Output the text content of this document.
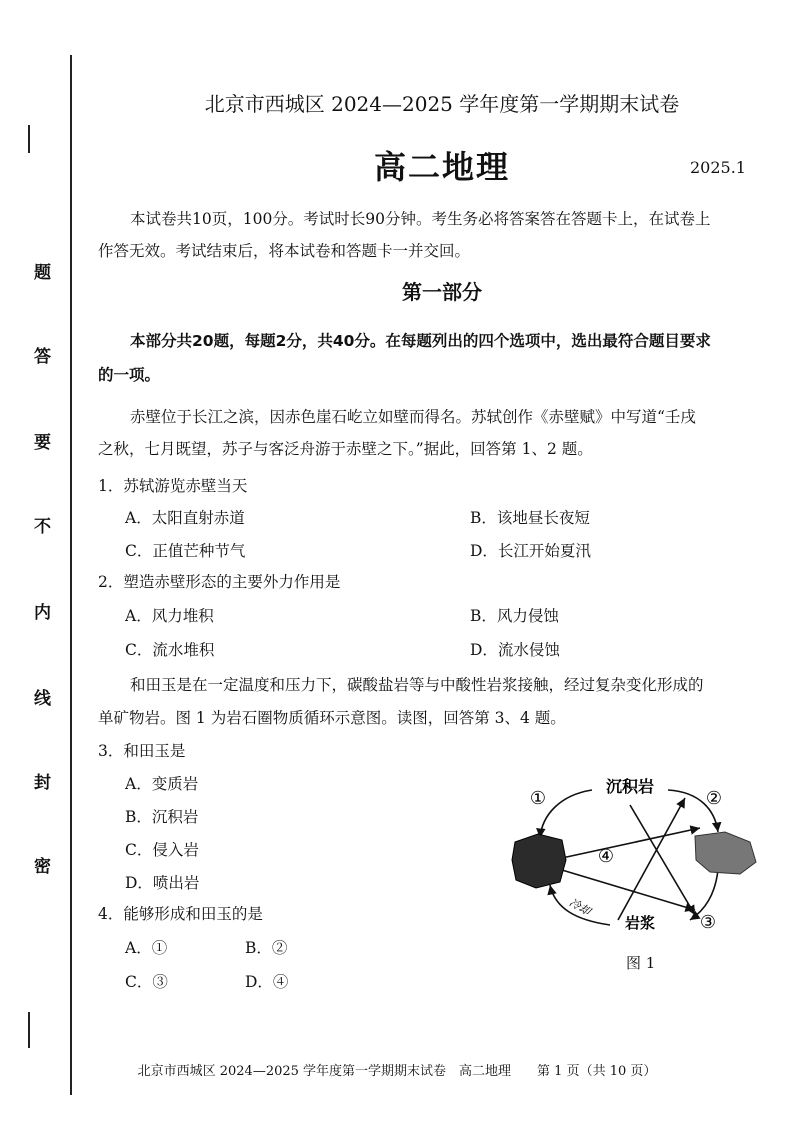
题
答
要
不
内
线
封
密
北京市西城区 2024—2025 学年度第一学期期末试卷
高二地理	2025.1
本试卷共10页，100分。考试时长90分钟。考生务必将答案答在答题卡上，在试卷上
作答无效。考试结束后，将本试卷和答题卡一并交回。
第一部分
本部分共20题，每题2分，共40分。在每题列出的四个选项中，选出最符合题目要求
的一项。
赤壁位于长江之滨，因赤色崖石屹立如壁而得名。苏轼创作《赤壁赋》中写道“壬戌
之秋，七月既望，苏子与客泛舟游于赤壁之下。”据此，回答第 1、2 题。
1．苏轼游览赤壁当天
A．太阳直射赤道	B．该地昼长夜短
C．正值芒种节气	D．长江开始夏汛
2．塑造赤壁形态的主要外力作用是
A．风力堆积	B．风力侵蚀
C．流水堆积	D．流水侵蚀
和田玉是在一定温度和压力下，碳酸盐岩等与中酸性岩浆接触，经过复杂变化形成的
单矿物岩。图 1 为岩石圈物质循环示意图。读图，回答第 3、4 题。
3．和田玉是
A．变质岩
B．沉积岩
C．侵入岩
D．喷出岩
4．能够形成和田玉的是
A．①	B．②
C．③	D．④
①	②
③
④
沉积岩
岩浆
冷却
图 1
北京市西城区 2024—2025 学年度第一学期期末试卷　高二地理　　第 1 页（共 10 页）
